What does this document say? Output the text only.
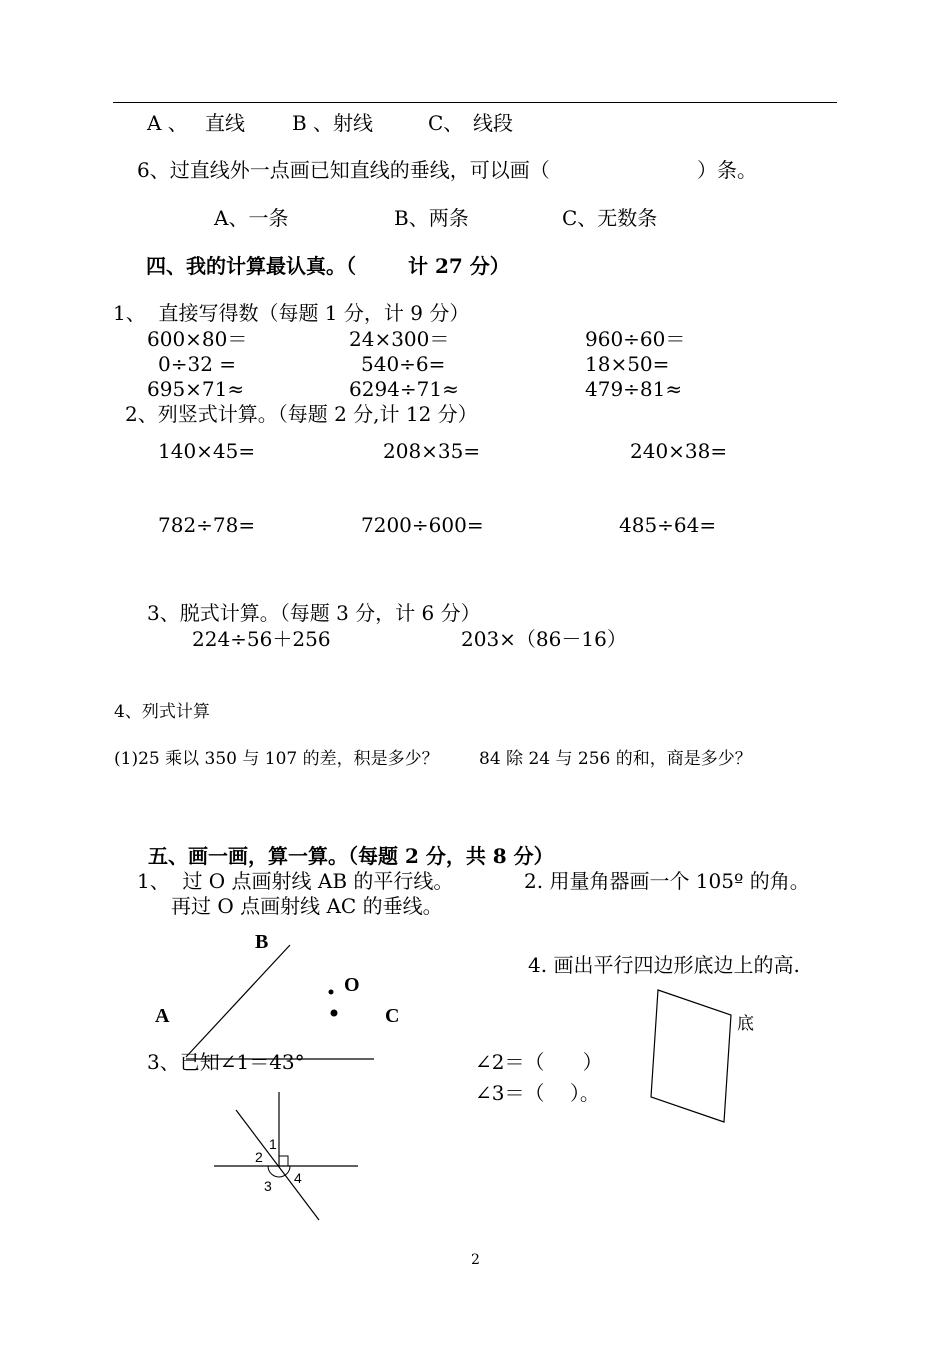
A 、 直线 B 、射线	C、 线段
6、过直线外一点画已知直线的垂线，可以画（	）条。
A、一条	B、两条	C、无数条
四、我的计算最认真。（	计 27 分）
1、  直接写得数（每题 1 分，计 9 分）
600×80＝	24×300＝	960÷60＝
0÷32 =	540÷6=	18×50=
695×71≈	6294÷71≈	479÷81≈
2、列竖式计算。（每题 2 分,计 12 分）
140×45=	208×35=	240×38=
782÷78=	7200÷600=	485÷64=
3、脱式计算。（每题 3 分，计 6 分）
224÷56＋256	203×（86－16）
4、列式计算
(1)25 乘以 350 与 107 的差，积是多少？ 84 除 24 与 256 的和，商是多少？
五、画一画，算一算。（每题 2 分，共 8 分）
1、  过 O 点画射线 AB 的平行线。
再过 O 点画射线 AC 的垂线。
2. 用量角器画一个 105º 的角。
4. 画出平行四边形底边上的高.
B
O
A	C
3、已知∠1＝43°	∠2＝（      ）
∠3＝（    ）。
1
2
3 4
底
2
